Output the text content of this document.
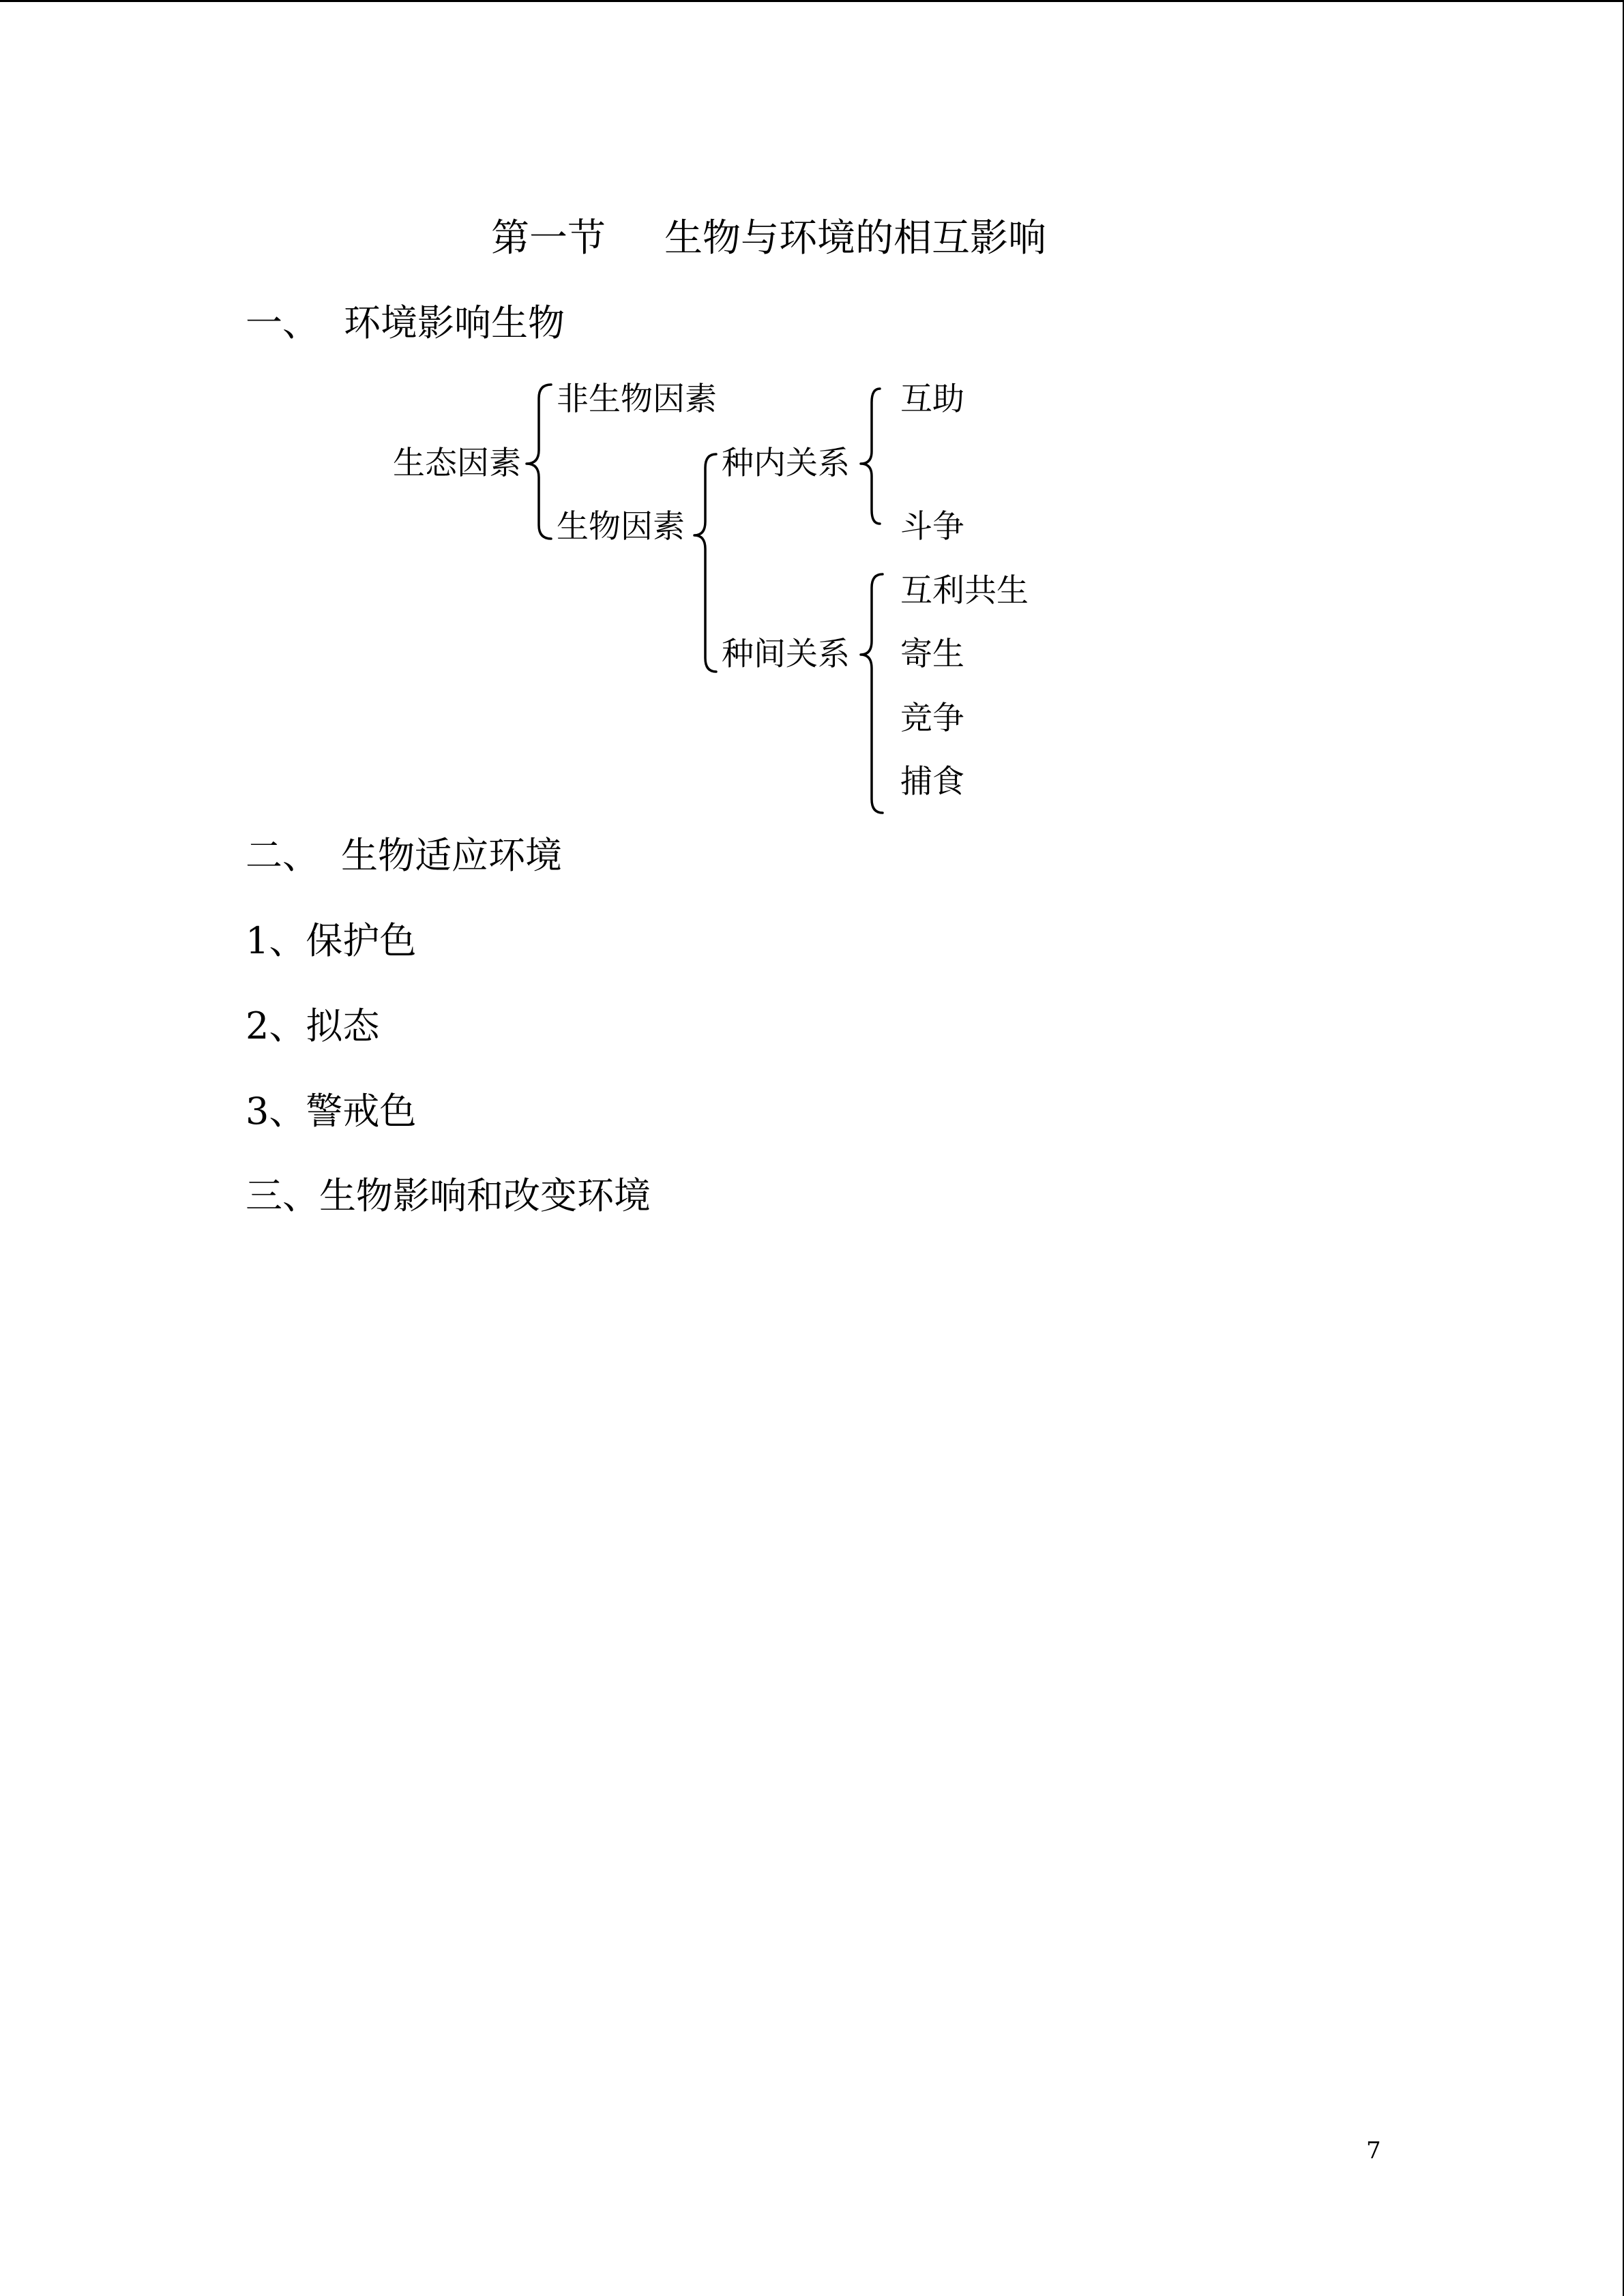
第一节 生物与环境的相互影响
一、 环境影响生物
生态因素
非生物因素
生物因素
种内关系
种间关系
互助
斗争
互利共生
寄生
竞争
捕食
二、 生物适应环境
1、保护色
2、拟态
3、警戒色
三、生物影响和改变环境
7
